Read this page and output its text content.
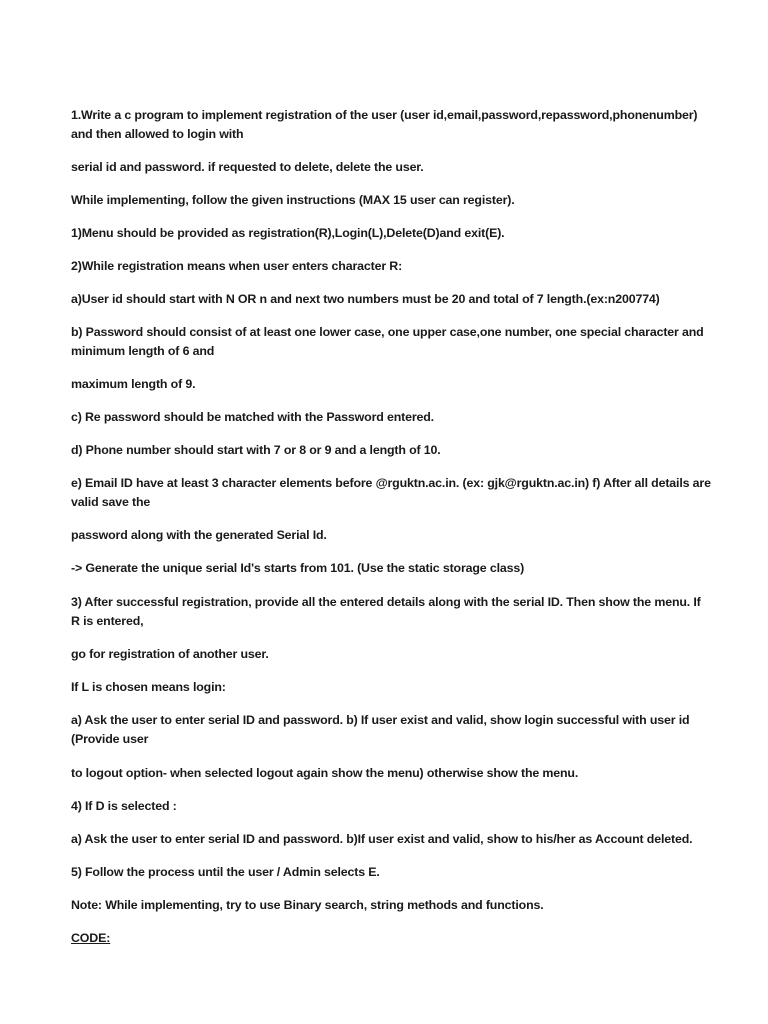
1.Write a c program to implement registration of the user (user id,email,password,repassword,phonenumber) and then allowed to login with

serial id and password. if requested to delete, delete the user.

While implementing, follow the given instructions (MAX 15 user can register).

1)Menu should be provided as registration(R),Login(L),Delete(D)and exit(E).

2)While registration means when user enters character R:

a)User id should start with N OR n and next two numbers must be 20 and total of 7 length.(ex:n200774)

b) Password should consist of at least one lower case, one upper case,one number, one special character and minimum length of 6 and

maximum length of 9.

c) Re password should be matched with the Password entered.

d) Phone number should start with 7 or 8 or 9 and a length of 10.

e) Email ID have at least 3 character elements before @rguktn.ac.in. (ex: gjk@rguktn.ac.in) f) After all details are valid save the

password along with the generated Serial Id.

-> Generate the unique serial Id's starts from 101. (Use the static storage class)

3) After successful registration, provide all the entered details along with the serial ID. Then show the menu. If R is entered,

go for registration of another user.

If L is chosen means login:

a) Ask the user to enter serial ID and password. b) If user exist and valid, show login successful with user id (Provide user

to logout option- when selected logout again show the menu) otherwise show the menu.

4) If D is selected :

a) Ask the user to enter serial ID and password. b)If user exist and valid, show to his/her as Account deleted.

5) Follow the process until the user / Admin selects E.

Note: While implementing, try to use Binary search, string methods and functions.

CODE:
